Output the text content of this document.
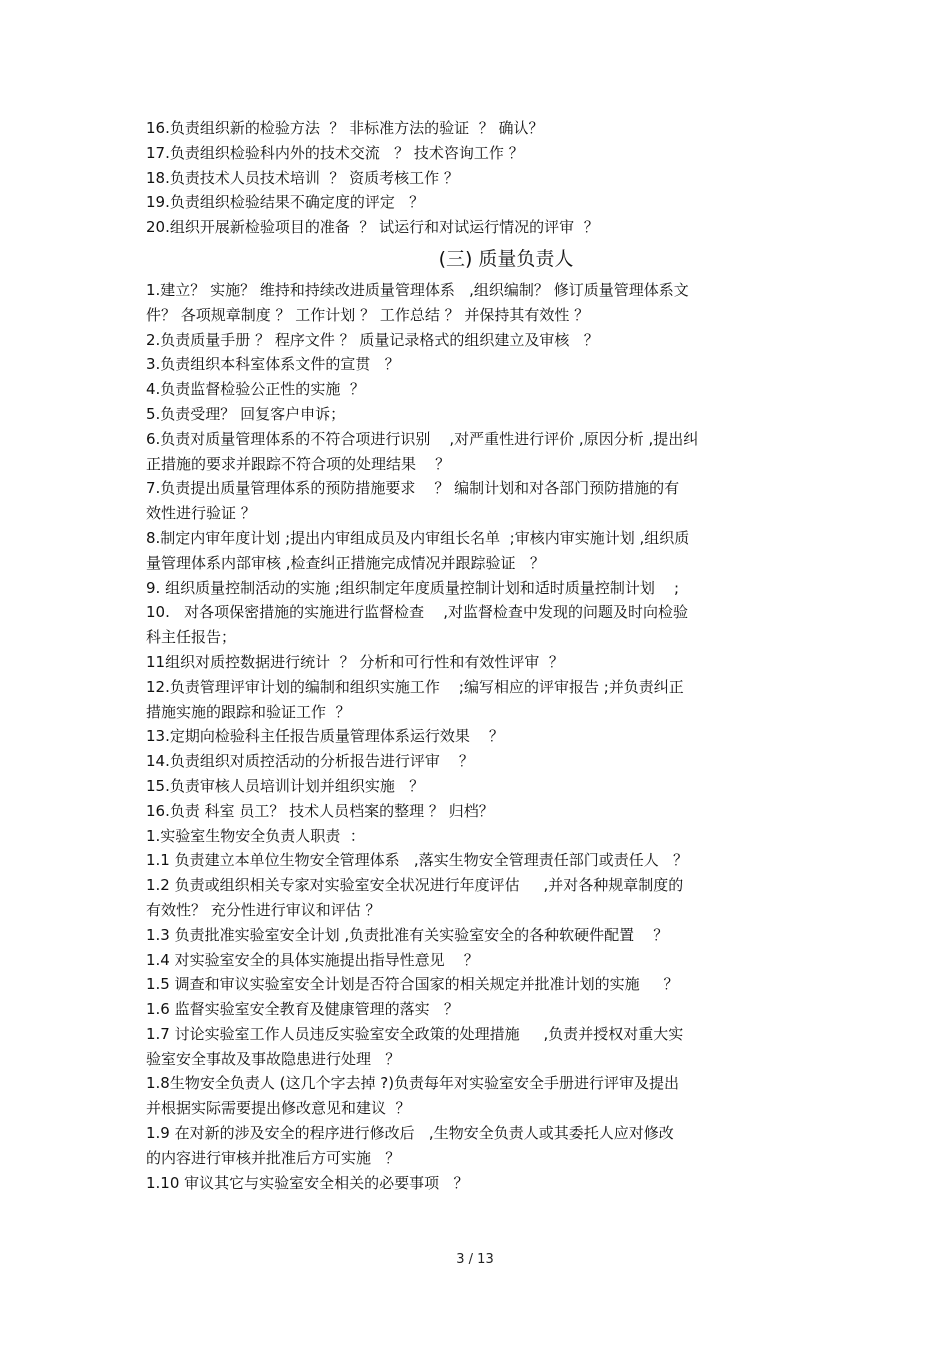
16.负责组织新的检验方法  ？ 非标准方法的验证  ？ 确认？

17.负责组织检验科内外的技术交流   ？ 技术咨询工作 ？

18.负责技术人员技术培训  ？ 资质考核工作 ？

19.负责组织检验结果不确定度的评定   ？

20.组织开展新检验项目的准备  ？ 试运行和对试运行情况的评审  ？

(三) 质量负责人

1.建立？ 实施？ 维持和持续改进质量管理体系   ,组织编制？ 修订质量管理体系文

件？ 各项规章制度 ？ 工作计划 ？ 工作总结 ？ 并保持其有效性 ？

2.负责质量手册 ？ 程序文件 ？ 质量记录格式的组织建立及审核   ？

3.负责组织本科室体系文件的宣贯   ？

4.负责监督检验公正性的实施  ？

5.负责受理？ 回复客户申诉；

6.负责对质量管理体系的不符合项进行识别    ,对严重性进行评价 ,原因分析 ,提出纠

正措施的要求并跟踪不符合项的处理结果    ？

7.负责提出质量管理体系的预防措施要求    ？ 编制计划和对各部门预防措施的有

效性进行验证 ？

8.制定内审年度计划 ;提出内审组成员及内审组长名单  ;审核内审实施计划 ,组织质

量管理体系内部审核 ,检查纠正措施完成情况并跟踪验证   ？

9. 组织质量控制活动的实施 ;组织制定年度质量控制计划和适时质量控制计划    ;

10.   对各项保密措施的实施进行监督检查    ,对监督检查中发现的问题及时向检验

科主任报告；

11组织对质控数据进行统计  ？ 分析和可行性和有效性评审  ？

12.负责管理评审计划的编制和组织实施工作    ;编写相应的评审报告 ;并负责纠正

措施实施的跟踪和验证工作  ？

13.定期向检验科主任报告质量管理体系运行效果    ？

14.负责组织对质控活动的分析报告进行评审    ？

15.负责审核人员培训计划并组织实施   ？

16.负责 科室 员工？ 技术人员档案的整理 ？ 归档？

1.实验室生物安全负责人职责  ：

1.1 负责建立本单位生物安全管理体系   ,落实生物安全管理责任部门或责任人   ？

1.2 负责或组织相关专家对实验室安全状况进行年度评估     ,并对各种规章制度的

有效性？ 充分性进行审议和评估 ？

1.3 负责批准实验室安全计划 ,负责批准有关实验室安全的各种软硬件配置    ？

1.4 对实验室安全的具体实施提出指导性意见    ？

1.5 调查和审议实验室安全计划是否符合国家的相关规定并批准计划的实施     ？

1.6 监督实验室安全教育及健康管理的落实   ？

1.7 讨论实验室工作人员违反实验室安全政策的处理措施     ,负责并授权对重大实

验室安全事故及事故隐患进行处理   ？

1.8生物安全负责人 (这几个字去掉 ?)负责每年对实验室安全手册进行评审及提出

并根据实际需要提出修改意见和建议  ？

1.9 在对新的涉及安全的程序进行修改后   ,生物安全负责人或其委托人应对修改

的内容进行审核并批准后方可实施   ？

1.10 审议其它与实验室安全相关的必要事项   ？

3 / 13
